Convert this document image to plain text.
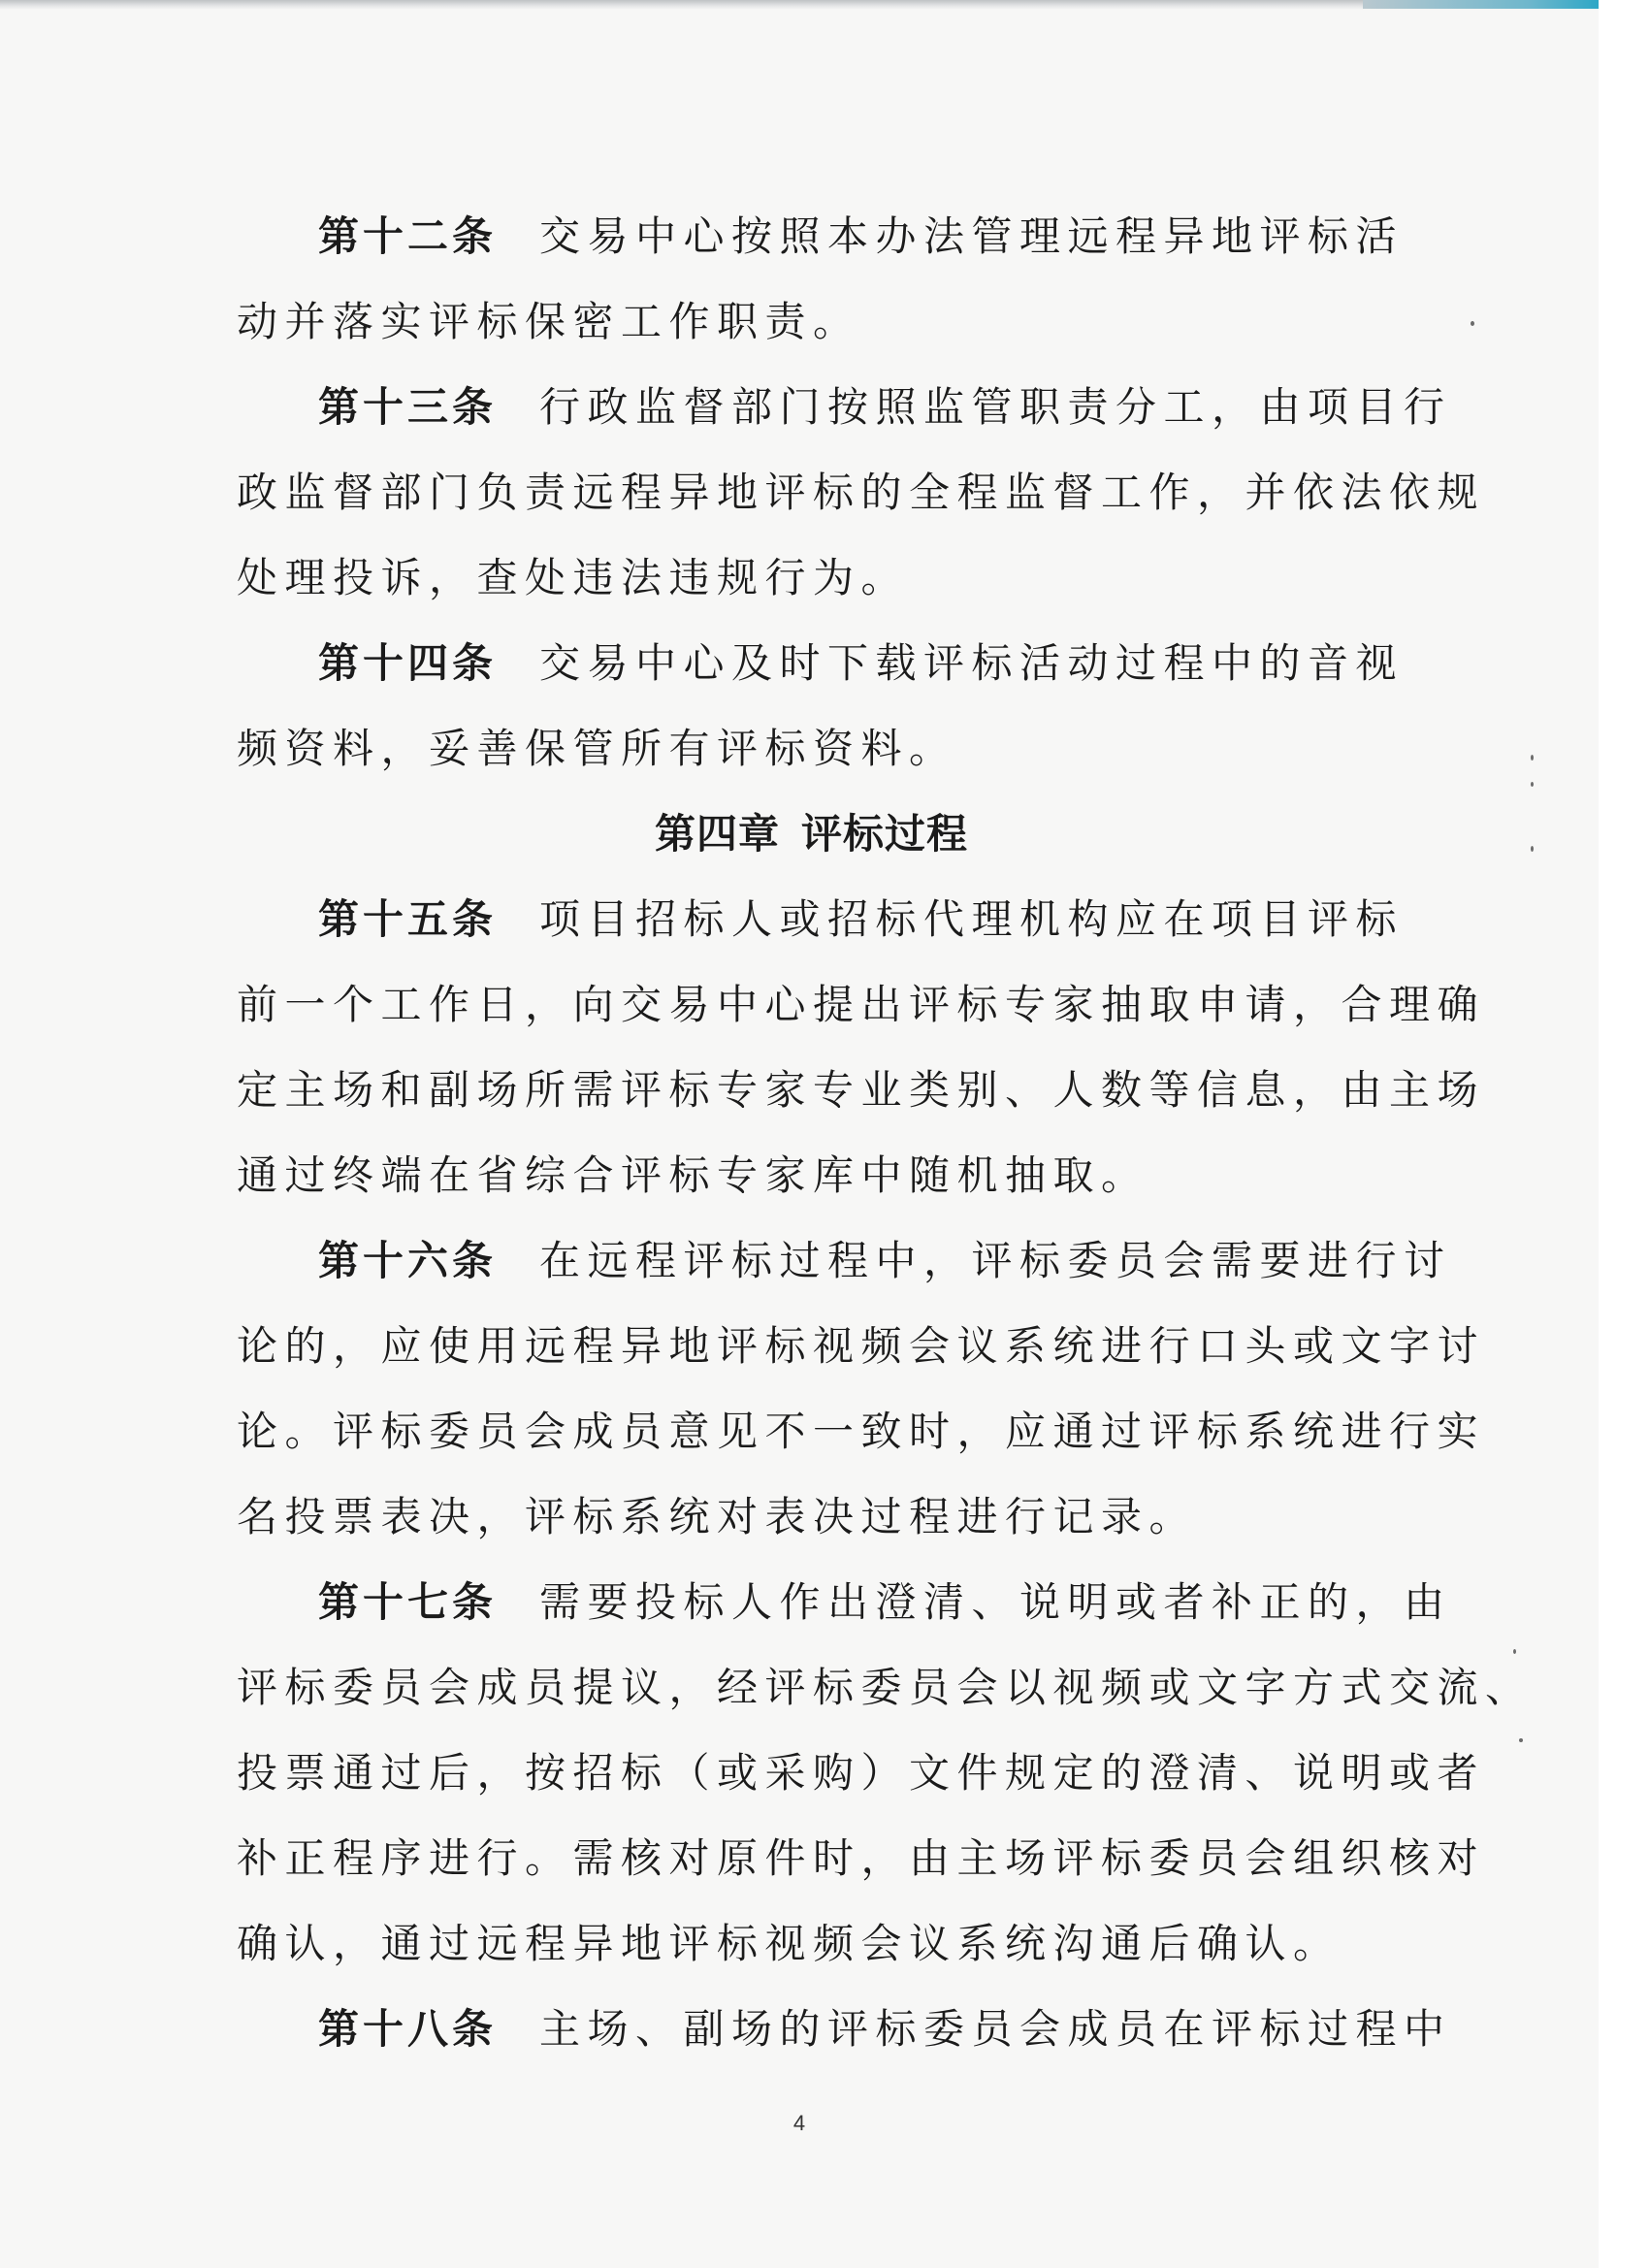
第十二条 交易中心按照本办法管理远程异地评标活
动并落实评标保密工作职责。
第十三条 行政监督部门按照监管职责分工，由项目行
政监督部门负责远程异地评标的全程监督工作，并依法依规
处理投诉，查处违法违规行为。
第十四条 交易中心及时下载评标活动过程中的音视
频资料，妥善保管所有评标资料。
第四章 评标过程
第十五条 项目招标人或招标代理机构应在项目评标
前一个工作日，向交易中心提出评标专家抽取申请，合理确
定主场和副场所需评标专家专业类别、人数等信息，由主场
通过终端在省综合评标专家库中随机抽取。
第十六条 在远程评标过程中，评标委员会需要进行讨
论的，应使用远程异地评标视频会议系统进行口头或文字讨
论。评标委员会成员意见不一致时，应通过评标系统进行实
名投票表决，评标系统对表决过程进行记录。
第十七条 需要投标人作出澄清、说明或者补正的，由
评标委员会成员提议，经评标委员会以视频或文字方式交流、
投票通过后，按招标（或采购）文件规定的澄清、说明或者
补正程序进行。需核对原件时，由主场评标委员会组织核对
确认，通过远程异地评标视频会议系统沟通后确认。
第十八条 主场、副场的评标委员会成员在评标过程中
4
